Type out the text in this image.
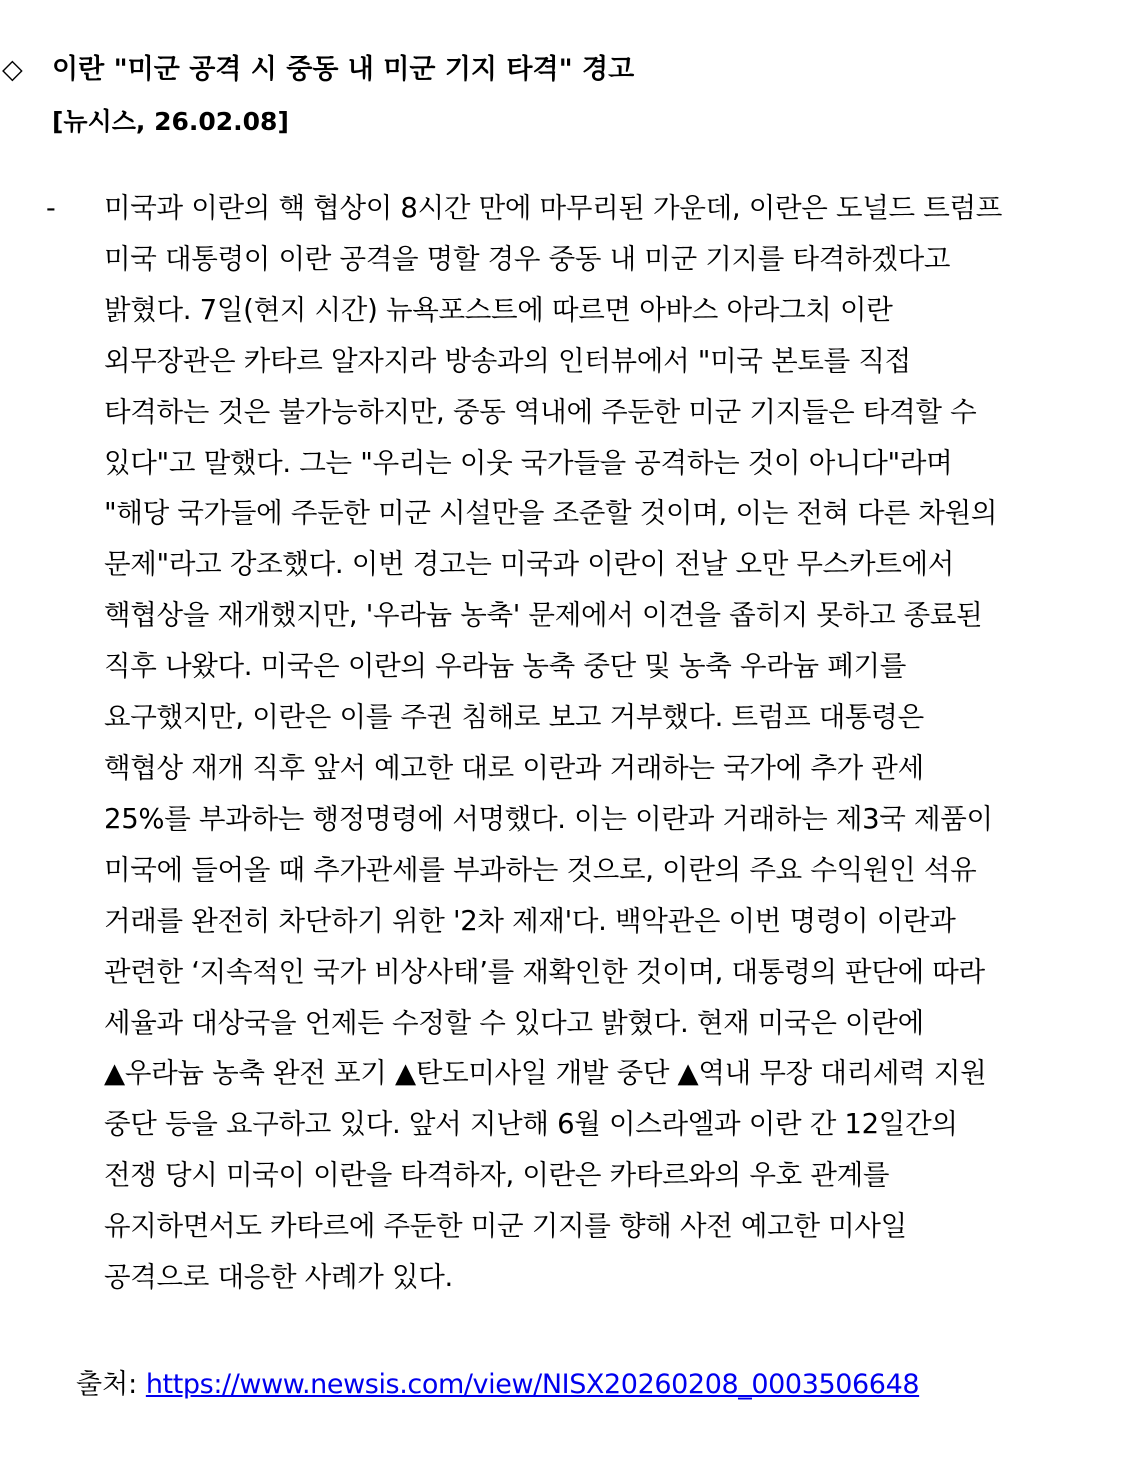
◇ 이란 "미군 공격 시 중동 내 미군 기지 타격" 경고
[뉴시스, 26.02.08]
- 미국과 이란의 핵 협상이 8시간 만에 마무리된 가운데, 이란은 도널드 트럼프
미국 대통령이 이란 공격을 명할 경우 중동 내 미군 기지를 타격하겠다고
밝혔다. 7일(현지 시간) 뉴욕포스트에 따르면 아바스 아라그치 이란
외무장관은 카타르 알자지라 방송과의 인터뷰에서 "미국 본토를 직접
타격하는 것은 불가능하지만, 중동 역내에 주둔한 미군 기지들은 타격할 수
있다"고 말했다. 그는 "우리는 이웃 국가들을 공격하는 것이 아니다"라며
"해당 국가들에 주둔한 미군 시설만을 조준할 것이며, 이는 전혀 다른 차원의
문제"라고 강조했다. 이번 경고는 미국과 이란이 전날 오만 무스카트에서
핵협상을 재개했지만, '우라늄 농축' 문제에서 이견을 좁히지 못하고 종료된
직후 나왔다. 미국은 이란의 우라늄 농축 중단 및 농축 우라늄 폐기를
요구했지만, 이란은 이를 주권 침해로 보고 거부했다. 트럼프 대통령은
핵협상 재개 직후 앞서 예고한 대로 이란과 거래하는 국가에 추가 관세
25%를 부과하는 행정명령에 서명했다. 이는 이란과 거래하는 제3국 제품이
미국에 들어올 때 추가관세를 부과하는 것으로, 이란의 주요 수익원인 석유
거래를 완전히 차단하기 위한 '2차 제재'다. 백악관은 이번 명령이 이란과
관련한 ‘지속적인 국가 비상사태’를 재확인한 것이며, 대통령의 판단에 따라
세율과 대상국을 언제든 수정할 수 있다고 밝혔다. 현재 미국은 이란에
▲우라늄 농축 완전 포기 ▲탄도미사일 개발 중단 ▲역내 무장 대리세력 지원
중단 등을 요구하고 있다. 앞서 지난해 6월 이스라엘과 이란 간 12일간의
전쟁 당시 미국이 이란을 타격하자, 이란은 카타르와의 우호 관계를
유지하면서도 카타르에 주둔한 미군 기지를 향해 사전 예고한 미사일
공격으로 대응한 사례가 있다.
출처: https://www.newsis.com/view/NISX20260208_0003506648
